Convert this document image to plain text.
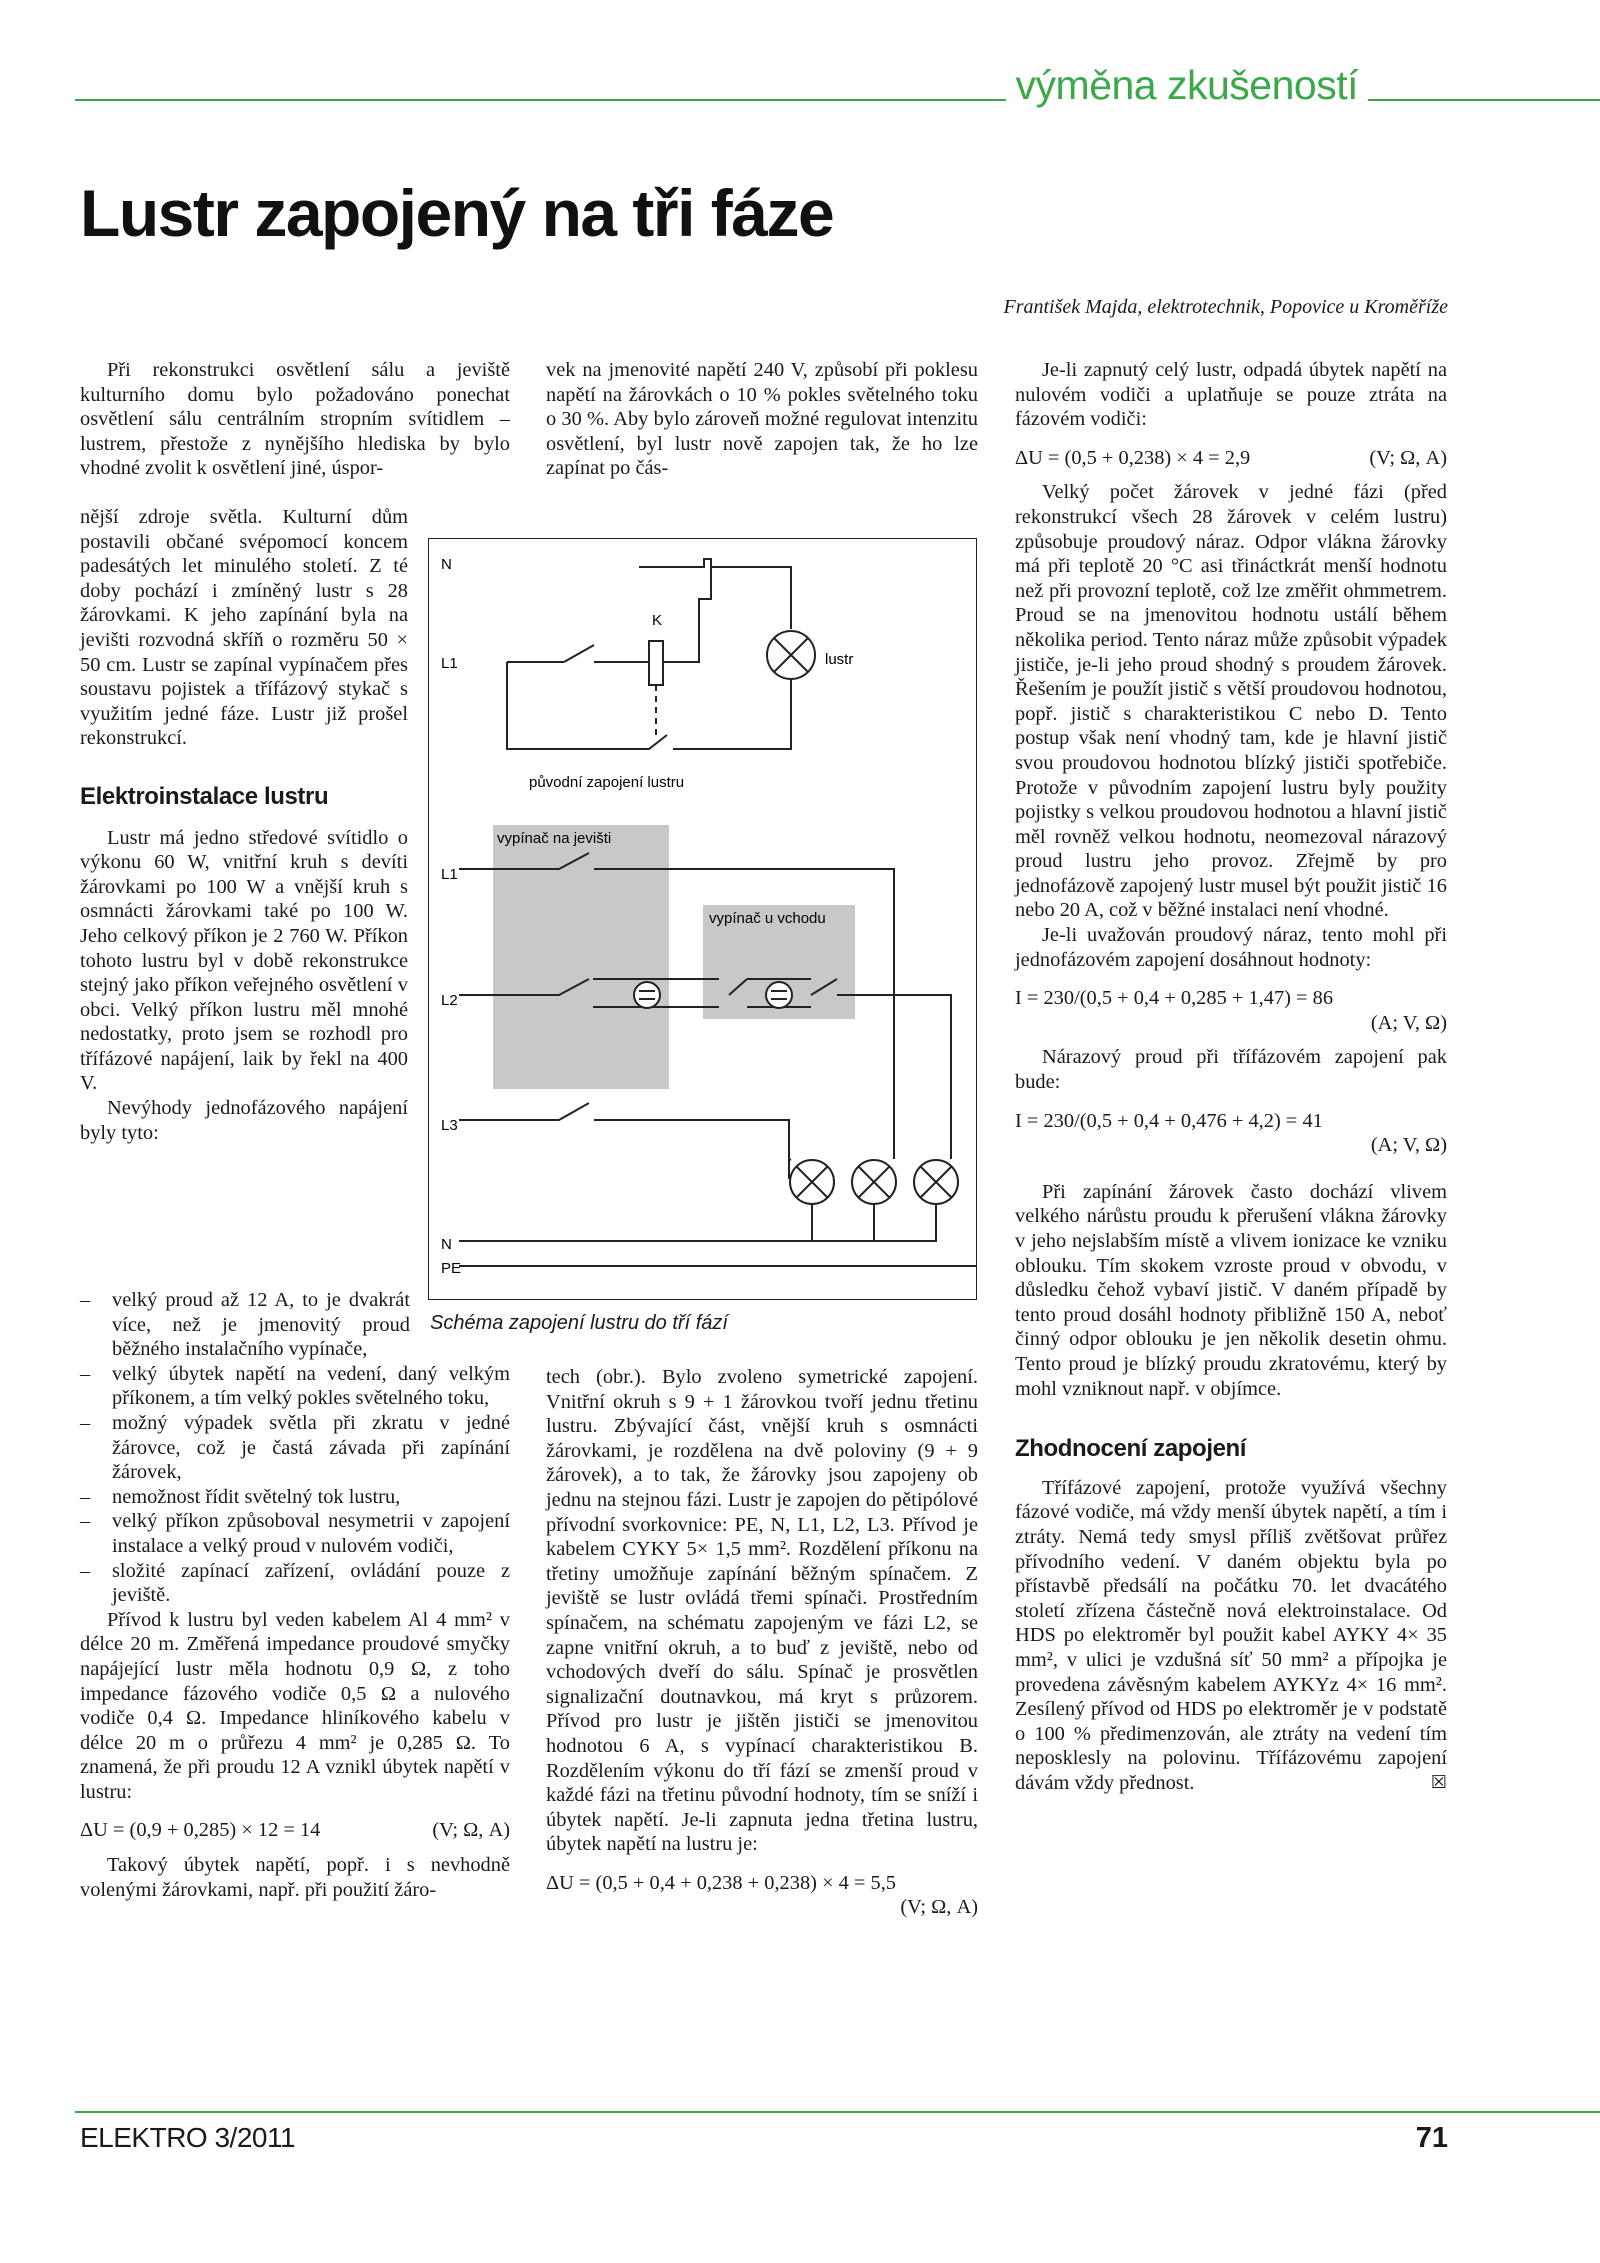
výměna zkušeností
Lustr zapojený na tři fáze
František Majda, elektrotechnik, Popovice u Kroměříže

Při rekonstrukci osvětlení sálu a jeviště kulturního domu bylo požadováno ponechat osvětlení sálu centrálním stropním svítidlem – lustrem, přestože z nynějšího hlediska by bylo vhodné zvolit k osvětlení jiné, úspor-

nější zdroje světla. Kulturní dům postavili občané svépomocí koncem padesátých let minulého století. Z té doby pochází i zmíněný lustr s 28 žárovkami. K jeho zapínání byla na jevišti rozvodná skříň o rozměru 50 × 50 cm. Lustr se zapínal vypínačem přes soustavu pojistek a třífázový stykač s využitím jedné fáze. Lustr již prošel rekonstrukcí.

Elektroinstalace lustru

Lustr má jedno středové svítidlo o výkonu 60 W, vnitřní kruh s devíti žárovkami po 100 W a vnější kruh s osmnácti žárovkami také po 100 W. Jeho celkový příkon je 2 760 W. Příkon tohoto lustru byl v době rekonstrukce stejný jako příkon veřejného osvětlení v obci. Velký příkon lustru měl mnohé nedostatky, proto jsem se rozhodl pro třífázové napájení, laik by řekl na 400 V.

Nevýhody jednofázového napájení byly tyto:

– velký proud až 12 A, to je dvakrát více, než je jmenovitý proud běžného instalačního vypínače,
– velký úbytek napětí na vedení, daný velkým příkonem, a tím velký pokles světelného toku,
– možný výpadek světla při zkratu v jedné žárovce, což je častá závada při zapínání žárovek,
– nemožnost řídit světelný tok lustru,
– velký příkon způsoboval nesymetrii v zapojení instalace a velký proud v nulovém vodiči,
– složité zapínací zařízení, ovládání pouze z jeviště.

Přívod k lustru byl veden kabelem Al 4 mm² v délce 20 m. Změřená impedance proudové smyčky napájející lustr měla hodnotu 0,9 Ω, z toho impedance fázového vodiče 0,5 Ω a nulového vodiče 0,4 Ω. Impedance hliníkového kabelu v délce 20 m o průřezu 4 mm² je 0,285 Ω. To znamená, že při proudu 12 A vznikl úbytek napětí v lustru:

ΔU = (0,9 + 0,285) × 12 = 14	(V; Ω, A)

Takový úbytek napětí, popř. i s nevhodně volenými žárovkami, např. při použití žáro-

vek na jmenovité napětí 240 V, způsobí při poklesu napětí na žárovkách o 10 % pokles světelného toku o 30 %. Aby bylo zároveň možné regulovat intenzitu osvětlení, byl lustr nově zapojen tak, že ho lze zapínat po čás-

N
L1
K
lustr
původní zapojení lustru
vypínač na jevišti
vypínač u vchodu
L1
L2
L3
N
PE
Schéma zapojení lustru do tří fází

tech (obr.). Bylo zvoleno symetrické zapojení. Vnitřní okruh s 9 + 1 žárovkou tvoří jednu třetinu lustru. Zbývající část, vnější kruh s osmnácti žárovkami, je rozdělena na dvě poloviny (9 + 9 žárovek), a to tak, že žárovky jsou zapojeny ob jednu na stejnou fázi. Lustr je zapojen do pětipólové přívodní svorkovnice: PE, N, L1, L2, L3. Přívod je kabelem CYKY 5× 1,5 mm². Rozdělení příkonu na třetiny umožňuje zapínání běžným spínačem. Z jeviště se lustr ovládá třemi spínači. Prostředním spínačem, na schématu zapojeným ve fázi L2, se zapne vnitřní okruh, a to buď z jeviště, nebo od vchodových dveří do sálu. Spínač je prosvětlen signalizační doutnavkou, má kryt s průzorem. Přívod pro lustr je jištěn jističi se jmenovitou hodnotou 6 A, s vypínací charakteristikou B. Rozdělením výkonu do tří fází se zmenší proud v každé fázi na třetinu původní hodnoty, tím se sníží i úbytek napětí. Je-li zapnuta jedna třetina lustru, úbytek napětí na lustru je:

ΔU = (0,5 + 0,4 + 0,238 + 0,238) × 4 = 5,5
(V; Ω, A)

Je-li zapnutý celý lustr, odpadá úbytek napětí na nulovém vodiči a uplatňuje se pouze ztráta na fázovém vodiči:

ΔU = (0,5 + 0,238) × 4 = 2,9	(V; Ω, A)

Velký počet žárovek v jedné fázi (před rekonstrukcí všech 28 žárovek v celém lustru) způsobuje proudový náraz. Odpor vlákna žárovky má při teplotě 20 °C asi třináctkrát menší hodnotu než při provozní teplotě, což lze změřit ohmmetrem. Proud se na jmenovitou hodnotu ustálí během několika period. Tento náraz může způsobit výpadek jističe, je-li jeho proud shodný s proudem žárovek. Řešením je použít jistič s větší proudovou hodnotou, popř. jistič s charakteristikou C nebo D. Tento postup však není vhodný tam, kde je hlavní jistič svou proudovou hodnotou blízký jističi spotřebiče. Protože v původním zapojení lustru byly použity pojistky s velkou proudovou hodnotou a hlavní jistič měl rovněž velkou hodnotu, neomezoval nárazový proud lustru jeho provoz. Zřejmě by pro jednofázově zapojený lustr musel být použit jistič 16 nebo 20 A, což v běžné instalaci není vhodné.

Je-li uvažován proudový náraz, tento mohl při jednofázovém zapojení dosáhnout hodnoty:

I = 230/(0,5 + 0,4 + 0,285 + 1,47) = 86
(A; V, Ω)

Nárazový proud při třífázovém zapojení pak bude:

I = 230/(0,5 + 0,4 + 0,476 + 4,2) = 41
(A; V, Ω)

Při zapínání žárovek často dochází vlivem velkého nárůstu proudu k přerušení vlákna žárovky v jeho nejslabším místě a vlivem ionizace ke vzniku oblouku. Tím skokem vzroste proud v obvodu, v důsledku čehož vybaví jistič. V daném případě by tento proud dosáhl hodnoty přibližně 150 A, neboť činný odpor oblouku je jen několik desetin ohmu. Tento proud je blízký proudu zkratovému, který by mohl vzniknout např. v objímce.

Zhodnocení zapojení

Třífázové zapojení, protože využívá všechny fázové vodiče, má vždy menší úbytek napětí, a tím i ztráty. Nemá tedy smysl příliš zvětšovat průřez přívodního vedení. V daném objektu byla po přístavbě předsálí na počátku 70. let dvacátého století zřízena částečně nová elektroinstalace. Od HDS po elektroměr byl použit kabel AYKY 4× 35 mm², v ulici je vzdušná síť 50 mm² a přípojka je provedena závěsným kabelem AYKYz 4× 16 mm². Zesílený přívod od HDS po elektroměr je v podstatě o 100 % předimenzován, ale ztráty na vedení tím neposklesly na polovinu. Třífázovému zapojení dávám vždy přednost.	☒

ELEKTRO 3/2011	71
